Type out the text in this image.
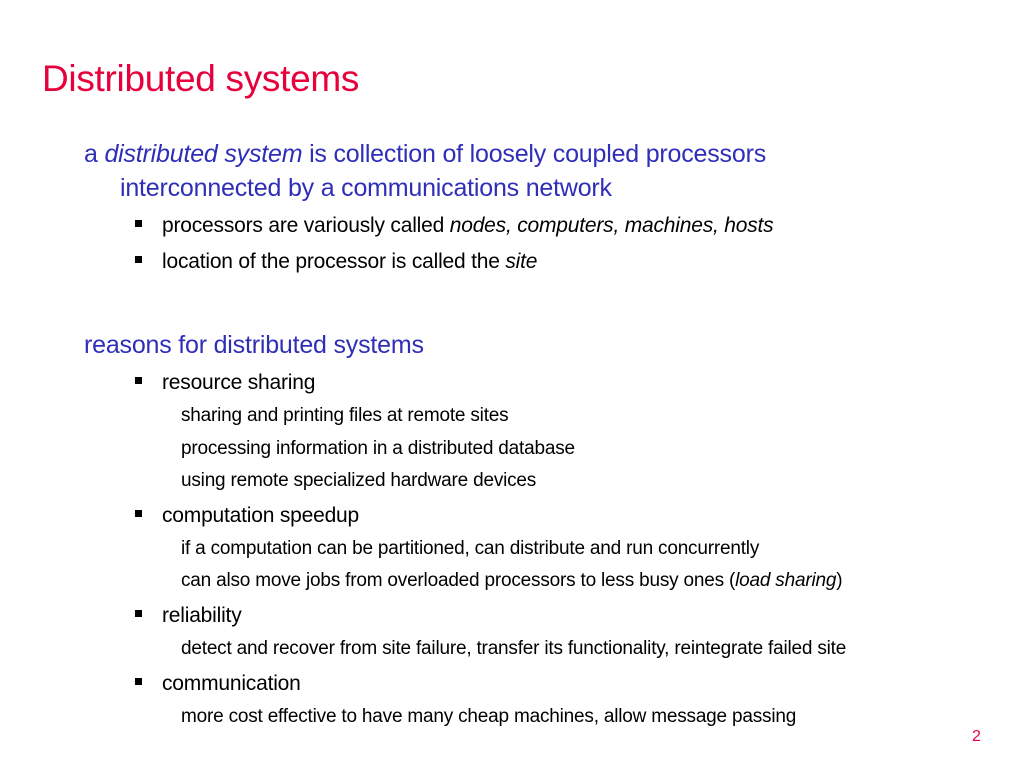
Distributed systems

a distributed system is collection of loosely coupled processors
interconnected by a communications network

processors are variously called nodes, computers, machines, hosts
location of the processor is called the site

reasons for distributed systems

resource sharing
sharing and printing files at remote sites
processing information in a distributed database
using remote specialized hardware devices
computation speedup
if a computation can be partitioned, can distribute and run concurrently
can also move jobs from overloaded processors to less busy ones (load sharing)
reliability
detect and recover from site failure, transfer its functionality, reintegrate failed site
communication
more cost effective to have many cheap machines, allow message passing
2
